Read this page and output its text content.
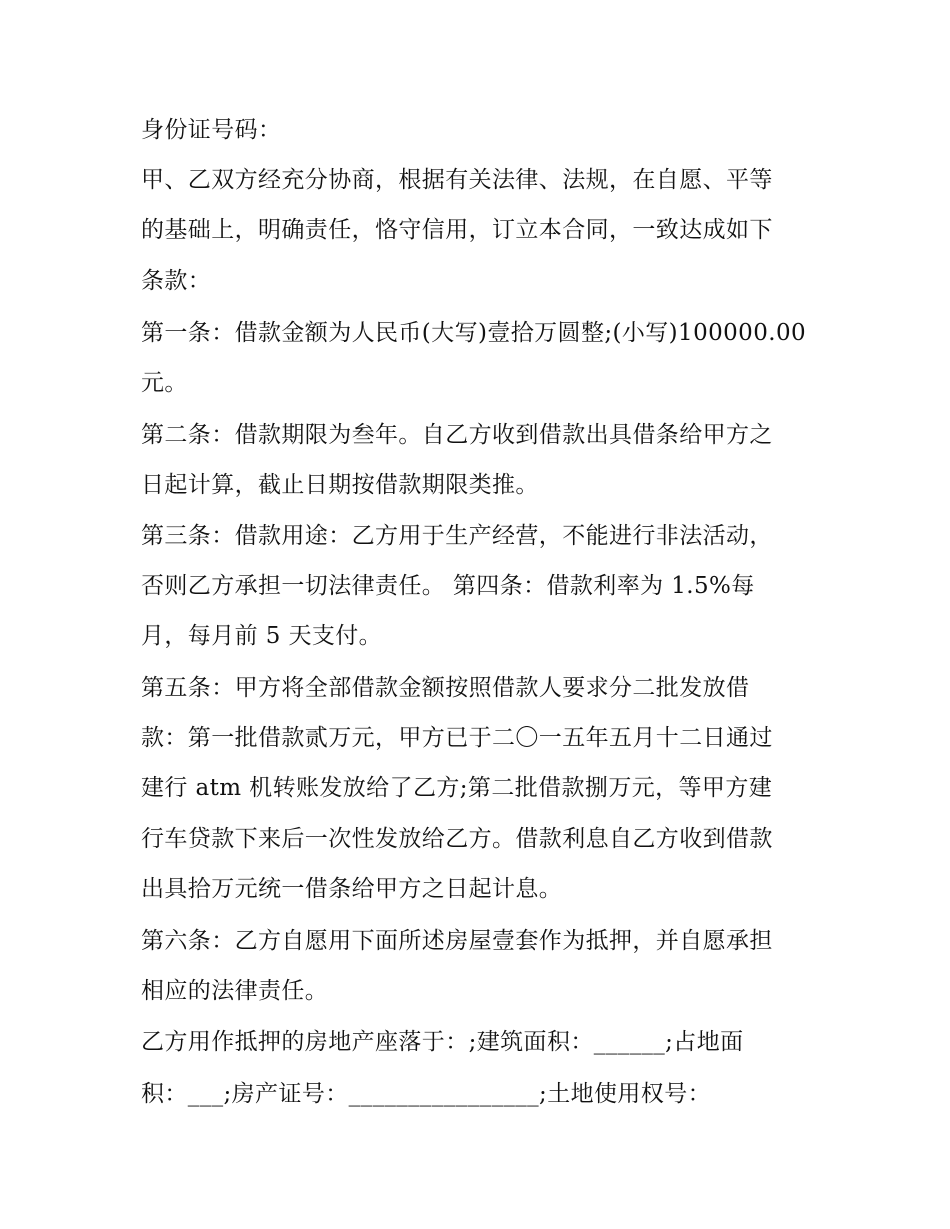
身份证号码：
甲、乙双方经充分协商，根据有关法律、法规，在自愿、平等
的基础上，明确责任，恪守信用，订立本合同，一致达成如下
条款：
第一条：借款金额为人民币(大写)壹拾万圆整;(小写)100000.00
元。
第二条：借款期限为叁年。自乙方收到借款出具借条给甲方之
日起计算，截止日期按借款期限类推。
第三条：借款用途：乙方用于生产经营，不能进行非法活动，
否则乙方承担一切法律责任。 第四条：借款利率为 1.5%每
月，每月前 5 天支付。
第五条：甲方将全部借款金额按照借款人要求分二批发放借
款：第一批借款贰万元，甲方已于二〇一五年五月十二日通过
建行 atm 机转账发放给了乙方;第二批借款捌万元，等甲方建
行车贷款下来后一次性发放给乙方。借款利息自乙方收到借款
出具拾万元统一借条给甲方之日起计息。
第六条：乙方自愿用下面所述房屋壹套作为抵押，并自愿承担
相应的法律责任。
乙方用作抵押的房地产座落于：;建筑面积：______;占地面
积：___;房产证号：________________;土地使用权号：
